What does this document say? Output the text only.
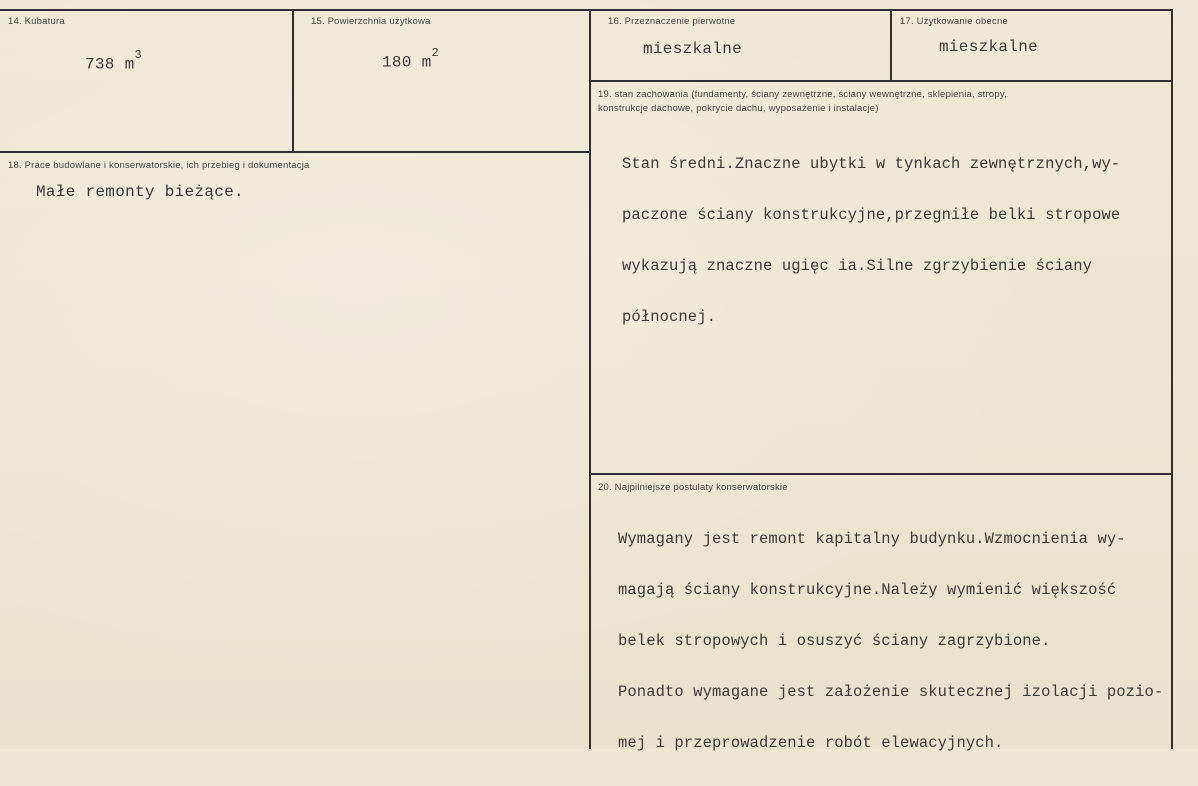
14. Kubatura
738 $m^3$
15. Powierzchnia użytkowa
180 $m^2$
16. Przeznaczenie pierwotne
mieszkalne
17. Użytkowanie obecne
mieszkalne
18. Prace budowlane i konserwatorskie, ich przebieg i dokumentacja
Małe remonty bieżące.
19. stan zachowania (fundamenty, ściany zewnętrzne, ściany wewnętrzne, sklepienia, stropy,
konstrukcje dachowe, pokrycie dachu, wyposażenie i instalacje)

Stan średni.Znaczne ubytki w tynkach zewnętrznych,wy-

paczone ściany konstrukcyjne,przegniłe belki stropowe

wykazują znaczne ugięc ia.Silne zgrzybienie ściany

północnej.

20. Najpilniejsze postulaty konserwatorskie

Wymagany jest remont kapitalny budynku.Wzmocnienia wy-

magają ściany konstrukcyjne.Należy wymienić większość

belek stropowych i osuszyć ściany zagrzybione.

Ponadto wymagane jest założenie skutecznej izolacji pozio-

mej i przeprowadzenie robót elewacyjnych.
